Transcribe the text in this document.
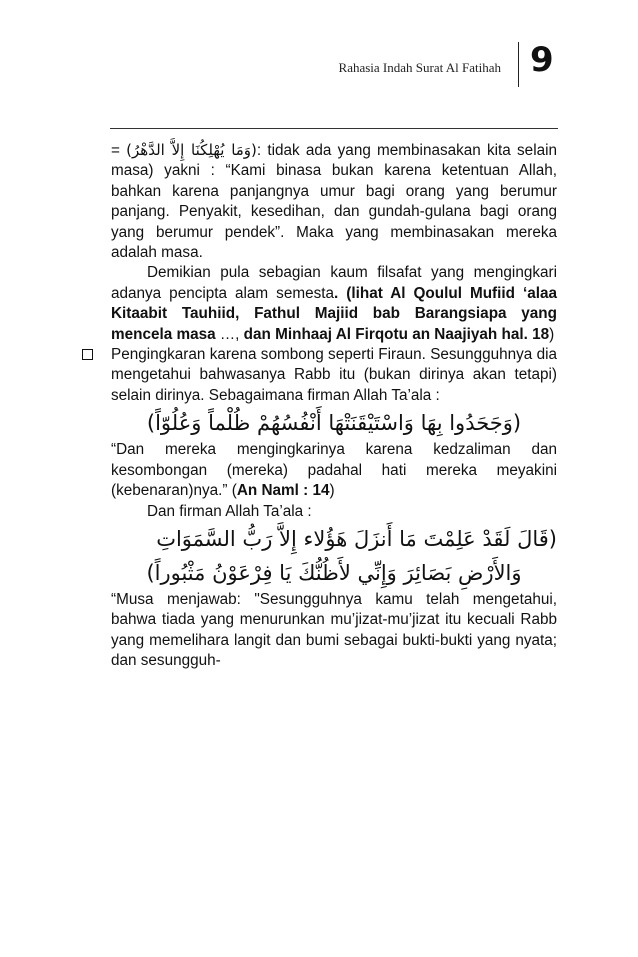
Rahasia Indah Surat Al Fatihah 9

= (وَمَا يُهْلِكُنَا إِلاَّ الدَّهْرُ): tidak ada yang membinasakan kita selain masa) yakni : “Kami binasa bukan karena ketentuan Allah, bahkan karena panjangnya umur bagi orang yang berumur panjang. Penyakit, kesedihan, dan gundah-gulana bagi orang yang berumur pendek”. Maka yang membinasakan mereka adalah masa.

Demikian pula sebagian kaum filsafat yang mengingkari adanya pencipta alam semesta. (lihat Al Qoulul Mufiid ‘alaa Kitaabit Tauhiid, Fathul Majiid bab Barangsiapa yang mencela masa …, dan Minhaaj Al Firqotu an Naajiyah hal. 18)

Pengingkaran karena sombong seperti Firaun. Sesungguhnya dia mengetahui bahwasanya Rabb itu (bukan dirinya akan tetapi) selain dirinya. Sebagaimana firman Allah Ta’ala :

(وَجَحَدُوا بِهَا وَاسْتَيْقَنَتْهَا أَنْفُسُهُمْ ظُلْماً وَعُلُوّاً)

“Dan mereka mengingkarinya karena kedzaliman dan kesombongan (mereka) padahal hati mereka meyakini (kebenaran)nya.” (An Naml : 14)

Dan firman Allah Ta’ala :

(قَالَ لَقَدْ عَلِمْتَ مَا أَنزَلَ هَؤُلاء إِلاَّ رَبُّ السَّمَوَاتِ

وَالأَرْضِ بَصَائِرَ وَإِنِّي لأَظُنُّكَ يَا فِرْعَوْنُ مَثْبُوراً)

“Musa menjawab: "Sesungguhnya kamu telah mengetahui, bahwa tiada yang menurunkan mu’jizat-mu’jizat itu kecuali Rabb yang memelihara langit dan bumi sebagai bukti-bukti yang nyata; dan sesungguh-
